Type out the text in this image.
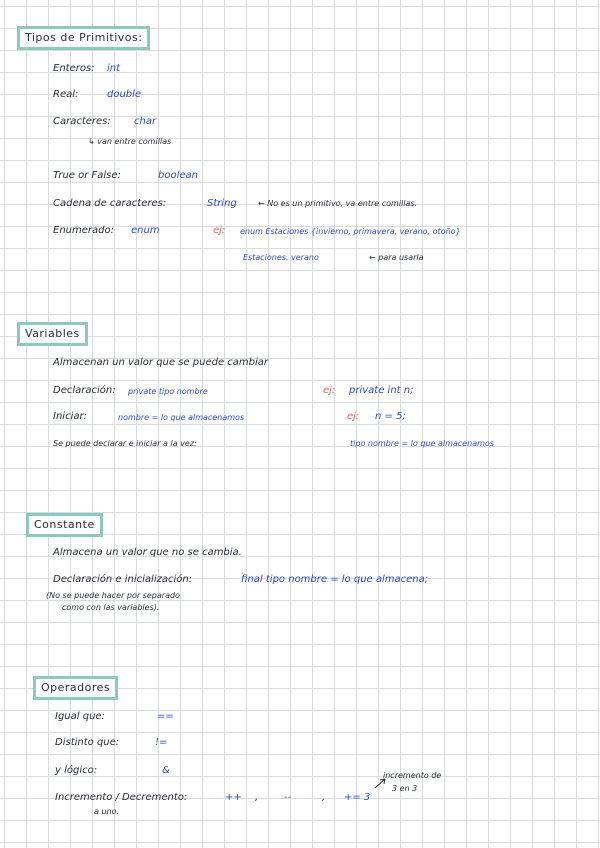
Tipos de Primitivos:
Enteros: int
Real:	double
Caracteres: char
↳ van entre comillas
True or False:	boolean
Cadena de caracteres:	String	← No es un primitivo, va entre comillas.
Enumerado: enum	ej: enum Estaciones {invierno, primavera, verano, otoño}
Estaciones. verano	← para usarla
Variables
Almacenan un valor que se puede cambiar
Declaración: private tipo nombre	ej: private int n;
Iniciar:	nombre = lo que almacenamos	ej: n = 5;
Se puede declarar e iniciar a la vez:	tipo nombre = lo que almacenamos
Constante
Almacena un valor que no se cambia.
Declaración e inicialización:	final tipo nombre = lo que almacena;
(No se puede hacer por separado
como con las variables).
Operadores
Igual que:	==
Distinto que:	!=
y lógico:	&
Incremento / Decremento:	++ ,	--	, += 3
incremento de
3 en 3
a uno.
